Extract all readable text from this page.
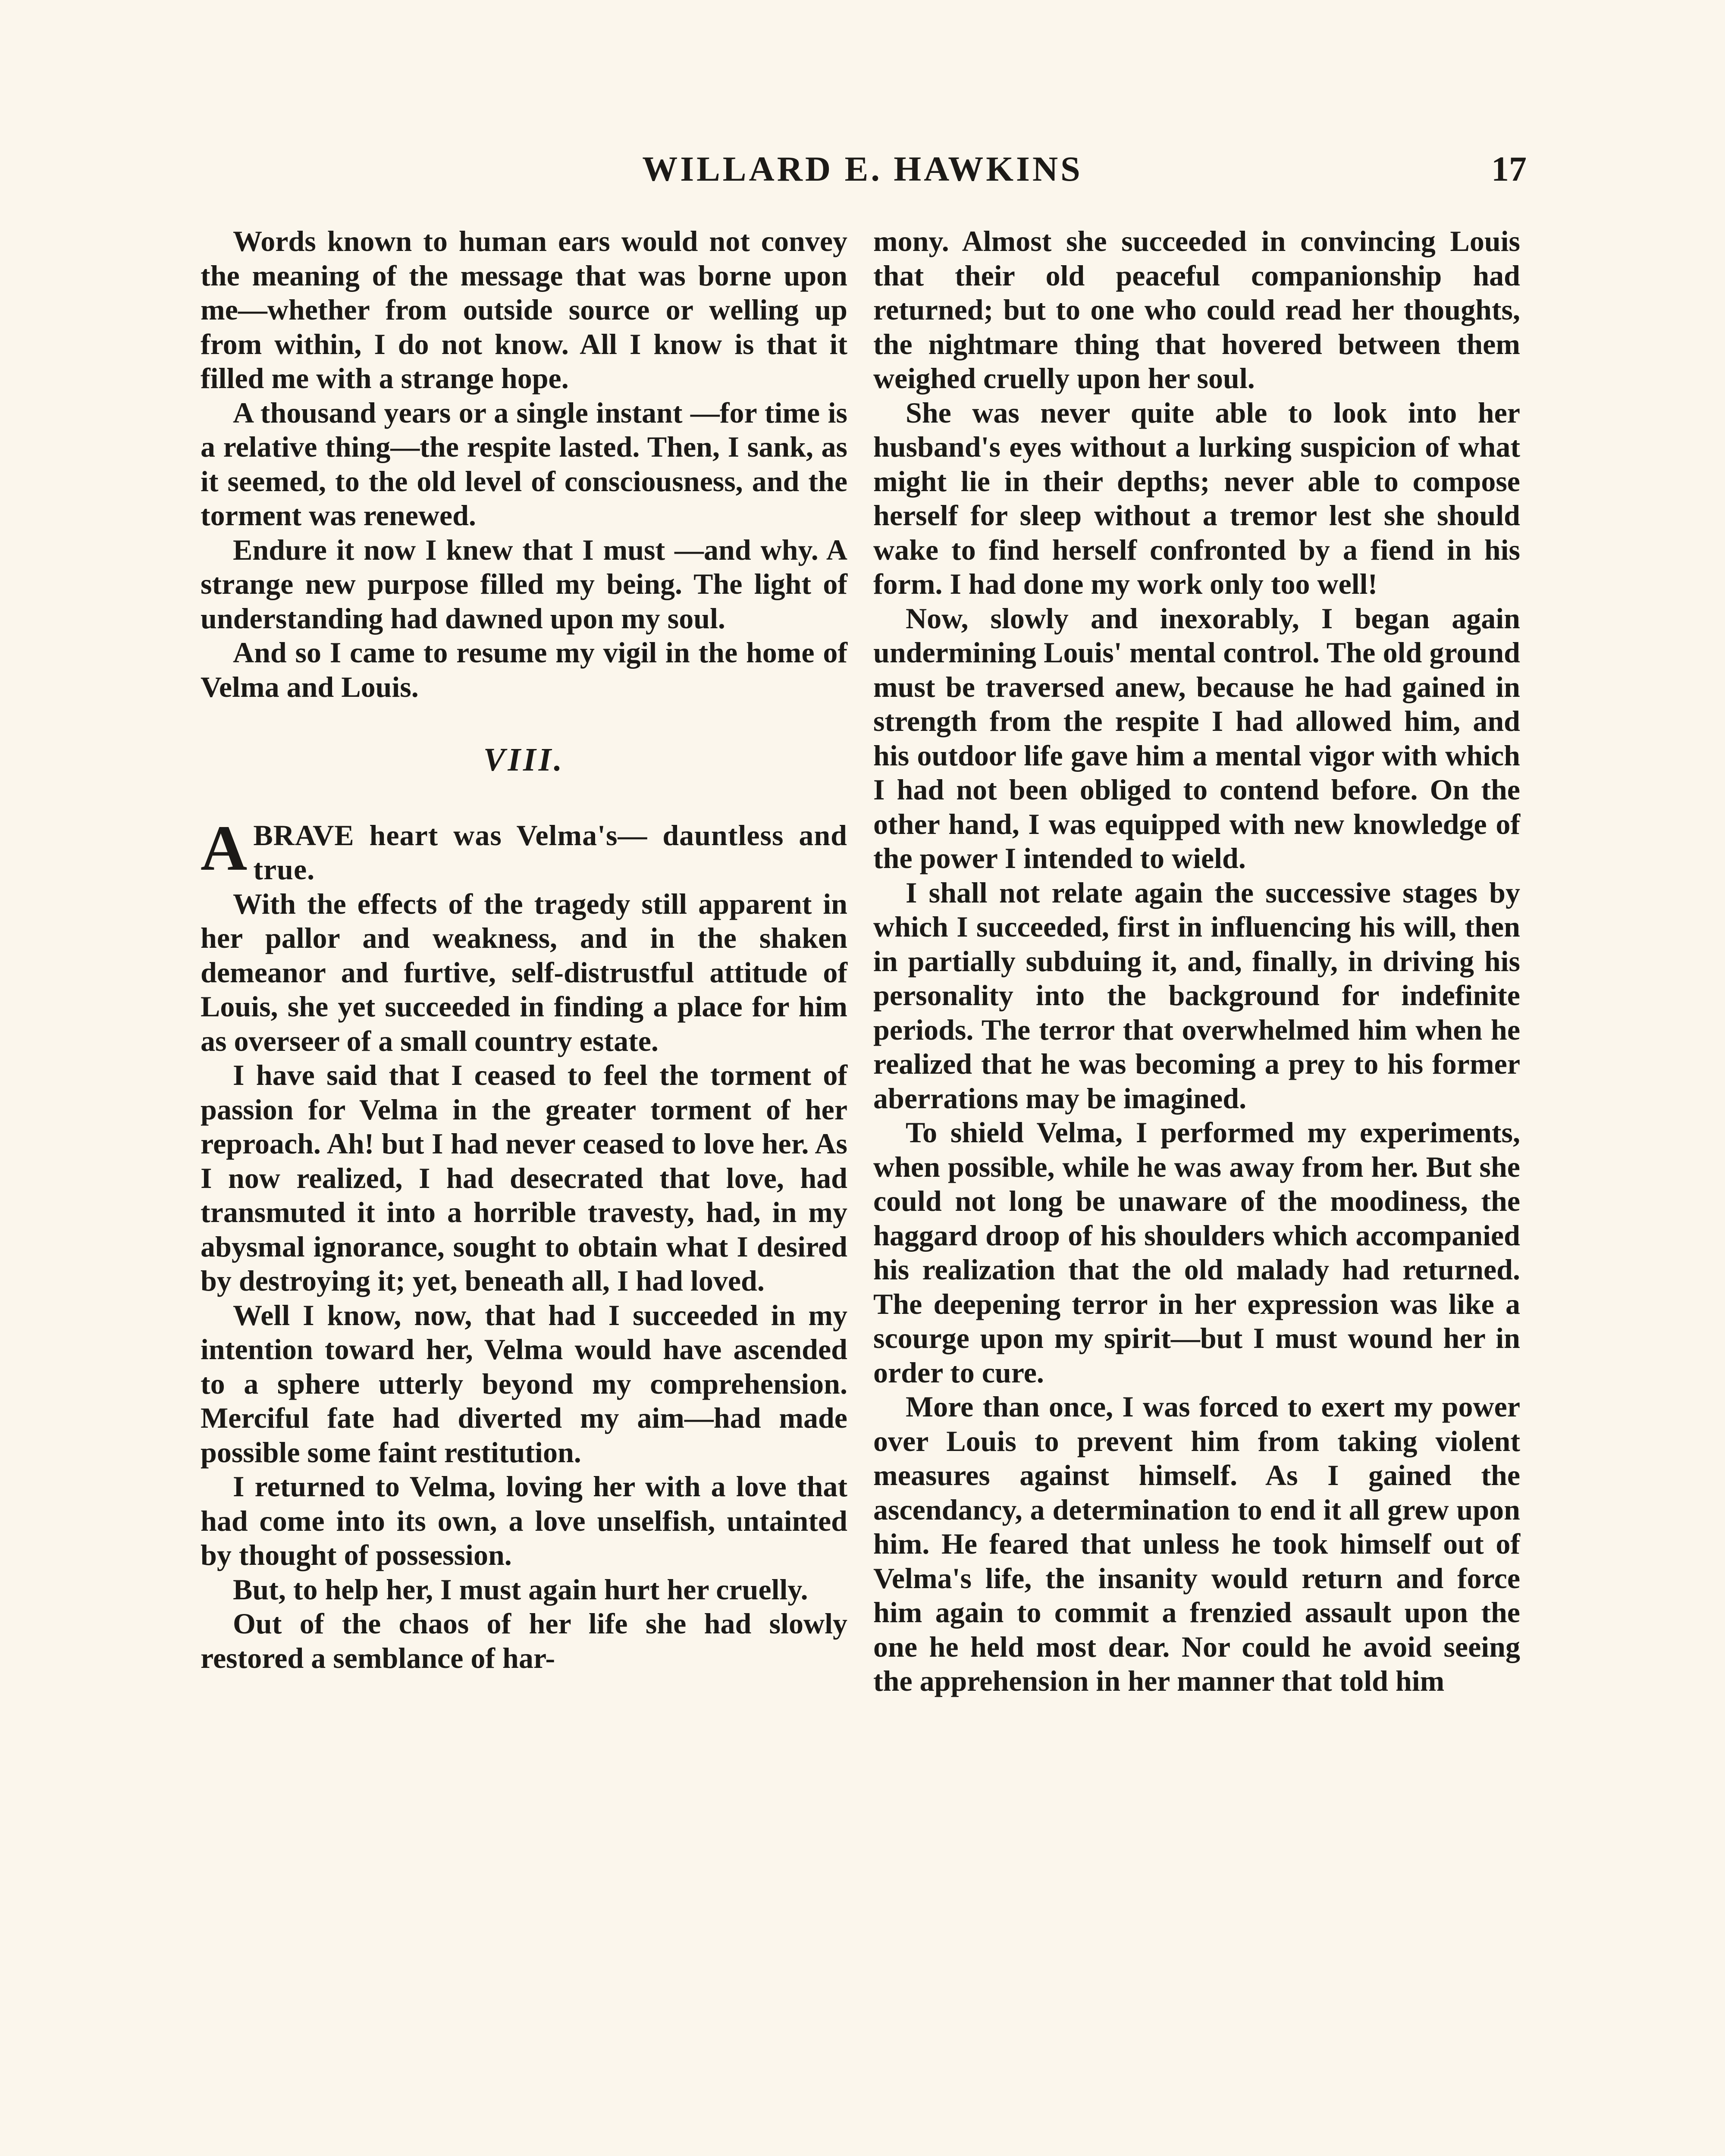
WILLARD E. HAWKINS	17

Words known to human ears would not convey the meaning of the message that was borne upon me—whether from outside source or welling up from within, I do not know. All I know is that it filled me with a strange hope.

A thousand years or a single instant —for time is a relative thing—the respite lasted. Then, I sank, as it seemed, to the old level of consciousness, and the torment was renewed.

Endure it now I knew that I must —and why. A strange new purpose filled my being. The light of understanding had dawned upon my soul.

And so I came to resume my vigil in the home of Velma and Louis.

VIII.

A BRAVE heart was Velma's— dauntless and true.

With the effects of the tragedy still apparent in her pallor and weakness, and in the shaken demeanor and furtive, self-distrustful attitude of Louis, she yet succeeded in finding a place for him as overseer of a small country estate.

I have said that I ceased to feel the torment of passion for Velma in the greater torment of her reproach. Ah! but I had never ceased to love her. As I now realized, I had desecrated that love, had transmuted it into a horrible travesty, had, in my abysmal ignorance, sought to obtain what I desired by destroying it; yet, beneath all, I had loved.

Well I know, now, that had I succeeded in my intention toward her, Velma would have ascended to a sphere utterly beyond my comprehension. Merciful fate had diverted my aim—had made possible some faint restitution.

I returned to Velma, loving her with a love that had come into its own, a love unselfish, untainted by thought of possession.

But, to help her, I must again hurt her cruelly.

Out of the chaos of her life she had slowly restored a semblance of har-

mony. Almost she succeeded in convincing Louis that their old peaceful companionship had returned; but to one who could read her thoughts, the nightmare thing that hovered between them weighed cruelly upon her soul.

She was never quite able to look into her husband's eyes without a lurking suspicion of what might lie in their depths; never able to compose herself for sleep without a tremor lest she should wake to find herself confronted by a fiend in his form. I had done my work only too well!

Now, slowly and inexorably, I began again undermining Louis' mental control. The old ground must be traversed anew, because he had gained in strength from the respite I had allowed him, and his outdoor life gave him a mental vigor with which I had not been obliged to contend before. On the other hand, I was equipped with new knowledge of the power I intended to wield.

I shall not relate again the successive stages by which I succeeded, first in influencing his will, then in partially subduing it, and, finally, in driving his personality into the background for indefinite periods. The terror that overwhelmed him when he realized that he was becoming a prey to his former aberrations may be imagined.

To shield Velma, I performed my experiments, when possible, while he was away from her. But she could not long be unaware of the moodiness, the haggard droop of his shoulders which accompanied his realization that the old malady had returned. The deepening terror in her expression was like a scourge upon my spirit—but I must wound her in order to cure.

More than once, I was forced to exert my power over Louis to prevent him from taking violent measures against himself. As I gained the ascendancy, a determination to end it all grew upon him. He feared that unless he took himself out of Velma's life, the insanity would return and force him again to commit a frenzied assault upon the one he held most dear. Nor could he avoid seeing the apprehension in her manner that told him
